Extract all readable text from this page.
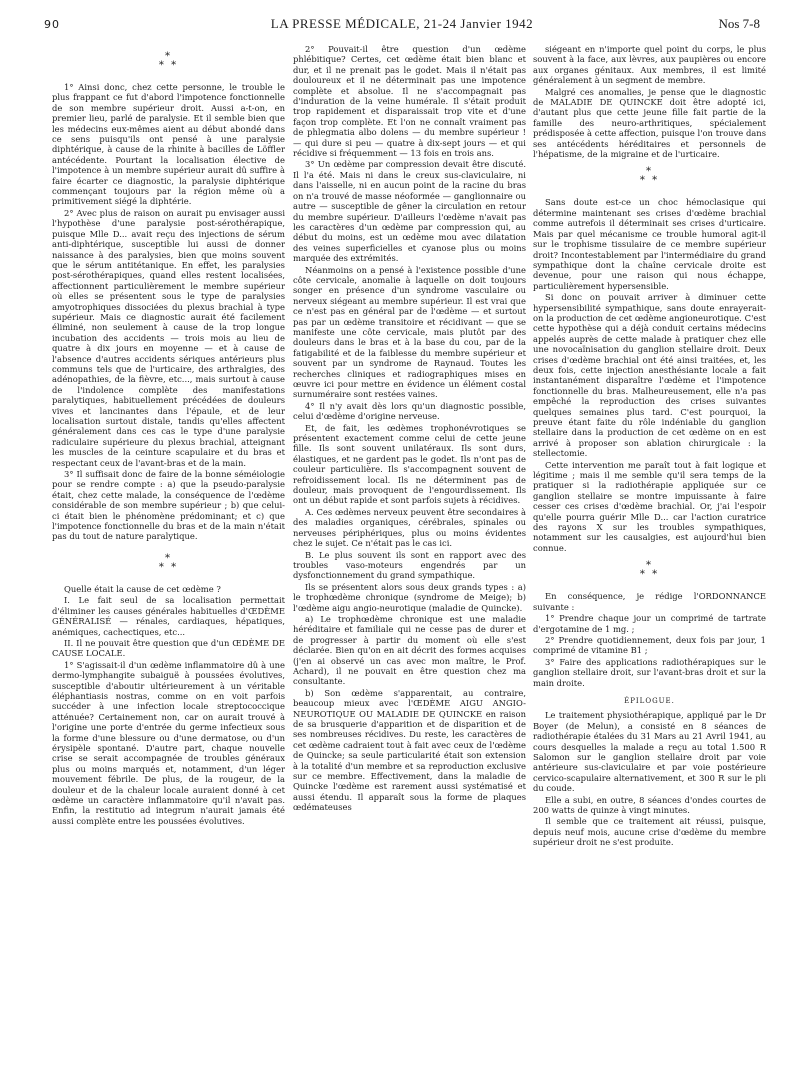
90	LA PRESSE MÉDICALE, 21-24 Janvier 1942	Nos 7-8
*
* *

1° Ainsi donc, chez cette personne, le trouble le plus frappant ce fut d'abord l'impotence fonctionnelle de son membre supérieur droit. Aussi a-t-on, en premier lieu, parlé de paralysie. Et il semble bien que les médecins eux-mêmes aient au début abondé dans ce sens puisqu'ils ont pensé à une paralysie diphtérique, à cause de la rhinite à bacilles de Löffler antécédente. Pourtant la localisation élective de l'impotence à un membre supérieur aurait dû suffire à faire écarter ce diagnostic, la paralysie diphtérique commençant toujours par la région même où a primitivement siégé la diphtérie.

2° Avec plus de raison on aurait pu envisager aussi l'hypothèse d'une paralysie post-sérothérapique, puisque Mlle D... avait reçu des injections de sérum anti-diphtérique, susceptible lui aussi de donner naissance à des paralysies, bien que moins souvent que le sérum antitétanique. En effet, les paralysies post-sérothérapiques, quand elles restent localisées, affectionnent particulièrement le membre supérieur où elles se présentent sous le type de paralysies amyotrophiques dissociées du plexus brachial à type supérieur. Mais ce diagnostic aurait été facilement éliminé, non seulement à cause de la trop longue incubation des accidents — trois mois au lieu de quatre à dix jours en moyenne — et à cause de l'absence d'autres accidents sériques antérieurs plus communs tels que de l'urticaire, des arthralgies, des adénopathies, de la fièvre, etc..., mais surtout à cause de l'indolence complète des manifestations paralytiques, habituellement précédées de douleurs vives et lancinantes dans l'épaule, et de leur localisation surtout distale, tandis qu'elles affectent généralement dans ces cas le type d'une paralysie radiculaire supérieure du plexus brachial, atteignant les muscles de la ceinture scapulaire et du bras et respectant ceux de l'avant-bras et de la main.

3° Il suffisait donc de faire de la bonne séméiologie pour se rendre compte : a) que la pseudo-paralysie était, chez cette malade, la conséquence de l'œdème considérable de son membre supérieur ; b) que celui-ci était bien le phénomène prédominant; et c) que l'impotence fonctionnelle du bras et de la main n'était pas du tout de nature paralytique.

*
* *

Quelle était la cause de cet œdème ?

I. Le fait seul de sa localisation permettait d'éliminer les causes générales habituelles d'ŒDÈME GÉNÉRALISÉ — rénales, cardiaques, hépatiques, anémiques, cachectiques, etc...

II. Il ne pouvait être question que d'un ŒDÈME DE CAUSE LOCALE.

1° S'agissait-il d'un œdème inflammatoire dû à une dermo-lymphangite subaiguë à poussées évolutives, susceptible d'aboutir ultérieurement à un véritable éléphantiasis nostras, comme on en voit parfois succéder à une infection locale streptococcique atténuée? Certainement non, car on aurait trouvé à l'origine une porte d'entrée du germe infectieux sous la forme d'une blessure ou d'une dermatose, ou d'un érysipèle spontané. D'autre part, chaque nouvelle crise se serait accompagnée de troubles généraux plus ou moins marqués et, notamment, d'un léger mouvement fébrile. De plus, de la rougeur, de la douleur et de la chaleur locale auraient donné à cet œdème un caractère inflammatoire qu'il n'avait pas. Enfin, la restitutio ad integrum n'aurait jamais été aussi complète entre les poussées évolutives.

2° Pouvait-il être question d'un œdème phlébitique? Certes, cet œdème était bien blanc et dur, et il ne prenait pas le godet. Mais il n'était pas douloureux et il ne déterminait pas une impotence complète et absolue. Il ne s'accompagnait pas d'induration de la veine humérale. Il s'était produit trop rapidement et disparaissait trop vite et d'une façon trop complète. Et l'on ne connaît vraiment pas de phlegmatia albo dolens — du membre supérieur ! — qui dure si peu — quatre à dix-sept jours — et qui récidive si fréquemment — 13 fois en trois ans.

3° Un œdème par compression devait être discuté. Il l'a été. Mais ni dans le creux sus-claviculaire, ni dans l'aisselle, ni en aucun point de la racine du bras on n'a trouvé de masse néoformée — ganglionnaire ou autre — susceptible de gêner la circulation en retour du membre supérieur. D'ailleurs l'œdème n'avait pas les caractères d'un œdème par compression qui, au début du moins, est un œdème mou avec dilatation des veines superficielles et cyanose plus ou moins marquée des extrémités.

Néanmoins on a pensé à l'existence possible d'une côte cervicale, anomalie à laquelle on doit toujours songer en présence d'un syndrome vasculaire ou nerveux siégeant au membre supérieur. Il est vrai que ce n'est pas en général par de l'œdème — et surtout pas par un œdème transitoire et récidivant — que se manifeste une côte cervicale, mais plutôt par des douleurs dans le bras et à la base du cou, par de la fatigabilité et de la faiblesse du membre supérieur et souvent par un syndrome de Raynaud. Toutes les recherches cliniques et radiographiques mises en œuvre ici pour mettre en évidence un élément costal surnuméraire sont restées vaines.

4° Il n'y avait dès lors qu'un diagnostic possible, celui d'œdème d'origine nerveuse.

Et, de fait, les œdèmes trophonévrotiques se présentent exactement comme celui de cette jeune fille. Ils sont souvent unilatéraux. Ils sont durs, élastiques, et ne gardent pas le godet. Ils n'ont pas de couleur particulière. Ils s'accompagnent souvent de refroidissement local. Ils ne déterminent pas de douleur, mais provoquent de l'engourdissement. Ils ont un début rapide et sont parfois sujets à récidives.

A. Ces œdèmes nerveux peuvent être secondaires à des maladies organiques, cérébrales, spinales ou nerveuses périphériques, plus ou moins évidentes chez le sujet. Ce n'était pas le cas ici.

B. Le plus souvent ils sont en rapport avec des troubles vaso-moteurs engendrés par un dysfonctionnement du grand sympathique.

Ils se présentent alors sous deux grands types : a) le trophœdème chronique (syndrome de Meige); b) l'œdème aigu angio-neurotique (maladie de Quincke).

a) Le trophœdème chronique est une maladie héréditaire et familiale qui ne cesse pas de durer et de progresser à partir du moment où elle s'est déclarée. Bien qu'on en ait décrit des formes acquises (j'en ai observé un cas avec mon maître, le Prof. Achard), il ne pouvait en être question chez ma consultante.

b) Son œdème s'apparentait, au contraire, beaucoup mieux avec l'ŒDÈME AIGU ANGIO-NEUROTIQUE OU MALADIE DE QUINCKE en raison de sa brusquerie d'apparition et de disparition et de ses nombreuses récidives. Du reste, les caractères de cet œdème cadraient tout à fait avec ceux de l'œdème de Quincke; sa seule particularité était son extension à la totalité d'un membre et sa reproduction exclusive sur ce membre. Effectivement, dans la maladie de Quincke l'œdème est rarement aussi systématisé et aussi étendu. Il apparaît sous la forme de plaques œdémateuses

siégeant en n'importe quel point du corps, le plus souvent à la face, aux lèvres, aux paupières ou encore aux organes génitaux. Aux membres, il est limité généralement à un segment de membre.

Malgré ces anomalies, je pense que le diagnostic de MALADIE DE QUINCKE doit être adopté ici, d'autant plus que cette jeune fille fait partie de la famille des neuro-arthritiques, spécialement prédisposée à cette affection, puisque l'on trouve dans ses antécédents héréditaires et personnels de l'hépatisme, de la migraine et de l'urticaire.

*
* *

Sans doute est-ce un choc hémoclasique qui détermine maintenant ses crises d'œdème brachial comme autrefois il déterminait ses crises d'urticaire. Mais par quel mécanisme ce trouble humoral agit-il sur le trophisme tissulaire de ce membre supérieur droit? Incontestablement par l'intermédiaire du grand sympathique dont la chaîne cervicale droite est devenue, pour une raison qui nous échappe, particulièrement hypersensible.

Si donc on pouvait arriver à diminuer cette hypersensibilité sympathique, sans doute enrayerait-on la production de cet œdème angioneurotique. C'est cette hypothèse qui a déjà conduit certains médecins appelés auprès de cette malade à pratiquer chez elle une novocaïnisation du ganglion stellaire droit. Deux crises d'œdème brachial ont été ainsi traitées, et, les deux fois, cette injection anesthésiante locale a fait instantanément disparaître l'œdème et l'impotence fonctionnelle du bras. Malheureusement, elle n'a pas empêché la reproduction des crises suivantes quelques semaines plus tard. C'est pourquoi, la preuve étant faite du rôle indéniable du ganglion stellaire dans la production de cet œdème on en est arrivé à proposer son ablation chirurgicale : la stellectomie.

Cette intervention me paraît tout à fait logique et légitime ; mais il me semble qu'il sera temps de la pratiquer si la radiothérapie appliquée sur ce ganglion stellaire se montre impuissante à faire cesser ces crises d'œdème brachial. Or, j'ai l'espoir qu'elle pourra guérir Mlle D... car l'action curatrice des rayons X sur les troubles sympathiques, notamment sur les causalgies, est aujourd'hui bien connue.

*
* *

En conséquence, je rédige l'ORDONNANCE suivante :

1° Prendre chaque jour un comprimé de tartrate d'ergotamine de 1 mg. ;

2° Prendre quotidiennement, deux fois par jour, 1 comprimé de vitamine B1 ;

3° Faire des applications radiothérapiques sur le ganglion stellaire droit, sur l'avant-bras droit et sur la main droite.

ÉPILOGUE.

Le traitement physiothérapique, appliqué par le Dr Boyer (de Melun), a consisté en 8 séances de radiothérapie étalées du 31 Mars au 21 Avril 1941, au cours desquelles la malade a reçu au total 1.500 R Salomon sur le ganglion stellaire droit par voie antérieure sus-claviculaire et par voie postérieure cervico-scapulaire alternativement, et 300 R sur le pli du coude.

Elle a subi, en outre, 8 séances d'ondes courtes de 200 watts de quinze à vingt minutes.

Il semble que ce traitement ait réussi, puisque, depuis neuf mois, aucune crise d'œdème du membre supérieur droit ne s'est produite.
